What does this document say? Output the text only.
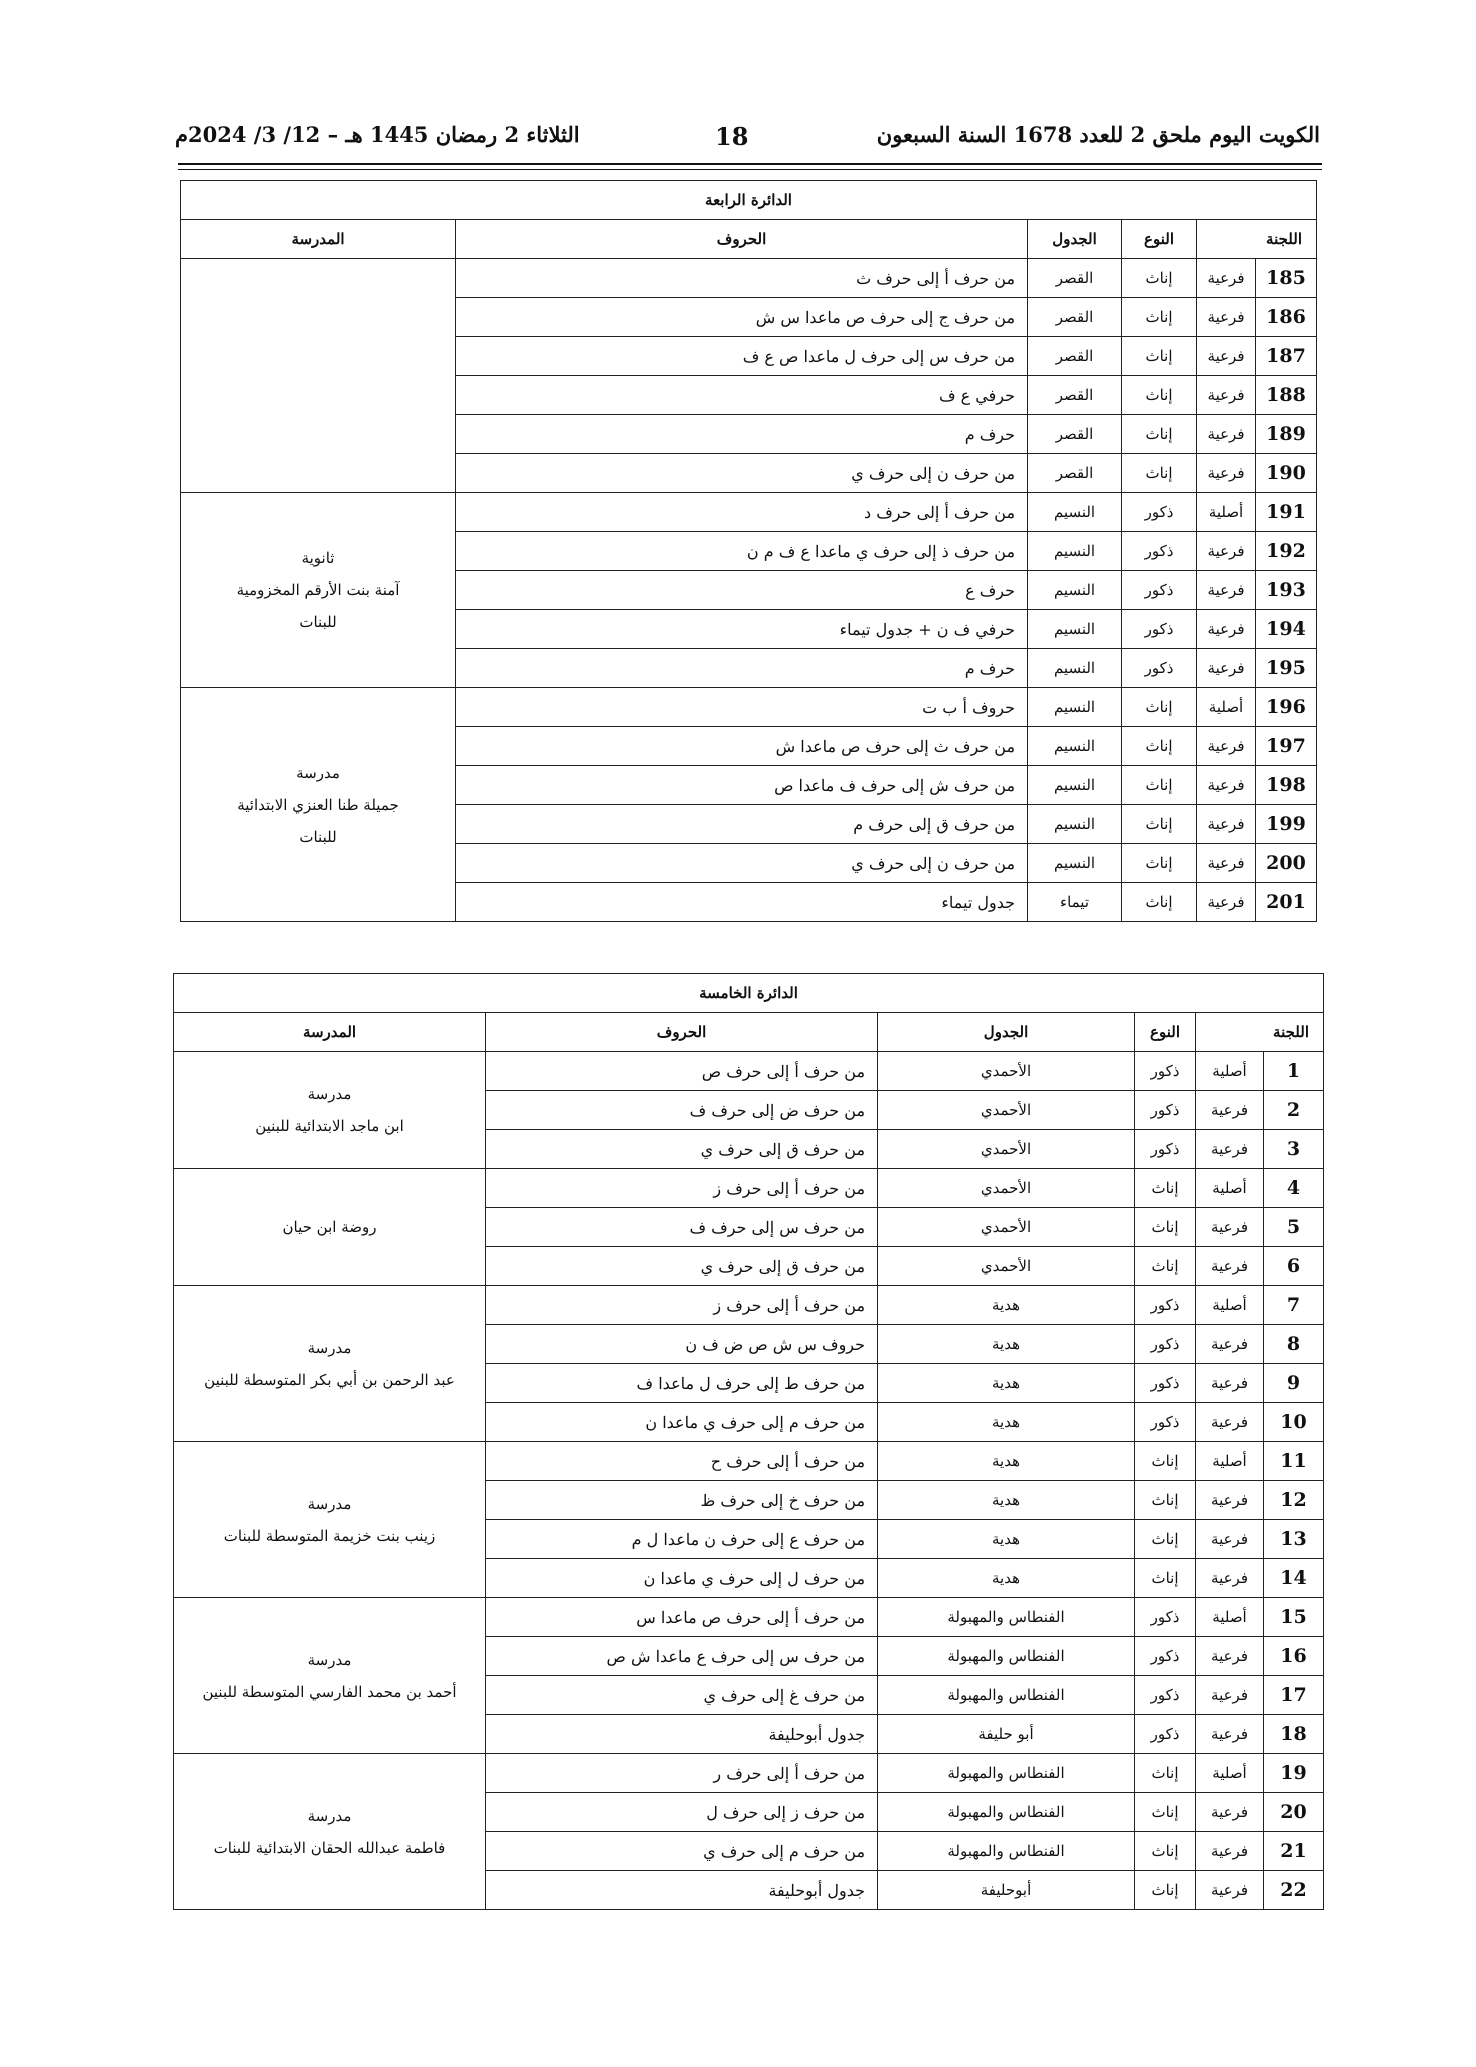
الكويت اليوم ملحق 2 للعدد 1678 السنة السبعون
18
الثلاثاء 2 رمضان 1445 هـ – 12/ 3/ 2024م
الدائرة الرابعة					
اللجنة		النوع	الجدول	الحروف	المدرسة
185	فرعية	إناث	القصر	من حرف أ إلى حرف ث	
186	فرعية	إناث	القصر	من حرف ج إلى حرف ص ماعدا س ش	
187	فرعية	إناث	القصر	من حرف س إلى حرف ل ماعدا ص ع ف	
188	فرعية	إناث	القصر	حرفي ع ف	
189	فرعية	إناث	القصر	حرف م	
190	فرعية	إناث	القصر	من حرف ن إلى حرف ي	
191	أصلية	ذكور	النسيم	من حرف أ إلى حرف د	ثانوية
آمنة بنت الأرقم المخزومية
للبنات

192	فرعية	ذكور	النسيم	من حرف ذ إلى حرف ي ماعدا ع ف م ن	
193	فرعية	ذكور	النسيم	حرف ع	
194	فرعية	ذكور	النسيم	حرفي ف ن + جدول تيماء	
195	فرعية	ذكور	النسيم	حرف م	
196	أصلية	إناث	النسيم	حروف أ ب ت	مدرسة
جميلة طنا العنزي الابتدائية
للبنات

197	فرعية	إناث	النسيم	من حرف ث إلى حرف ص ماعدا ش	
198	فرعية	إناث	النسيم	من حرف ش إلى حرف ف ماعدا ص	
199	فرعية	إناث	النسيم	من حرف ق إلى حرف م	
200	فرعية	إناث	النسيم	من حرف ن إلى حرف ي	
201	فرعية	إناث	تيماء	جدول تيماء	
الدائرة الخامسة					
اللجنة		النوع	الجدول	الحروف	المدرسة
1	أصلية	ذكور	الأحمدي	من حرف أ إلى حرف ص	مدرسة
ابن ماجد الابتدائية للبنين

2	فرعية	ذكور	الأحمدي	من حرف ض إلى حرف ف	
3	فرعية	ذكور	الأحمدي	من حرف ق إلى حرف ي	
4	أصلية	إناث	الأحمدي	من حرف أ إلى حرف ز	روضة ابن حيان

5	فرعية	إناث	الأحمدي	من حرف س إلى حرف ف	
6	فرعية	إناث	الأحمدي	من حرف ق إلى حرف ي	
7	أصلية	ذكور	هدية	من حرف أ إلى حرف ز	مدرسة
عبد الرحمن بن أبي بكر المتوسطة للبنين

8	فرعية	ذكور	هدية	حروف س ش ص ض ف ن	
9	فرعية	ذكور	هدية	من حرف ط إلى حرف ل ماعدا ف	
10	فرعية	ذكور	هدية	من حرف م إلى حرف ي ماعدا ن	
11	أصلية	إناث	هدية	من حرف أ إلى حرف ح	مدرسة
زينب بنت خزيمة المتوسطة للبنات

12	فرعية	إناث	هدية	من حرف خ إلى حرف ظ	
13	فرعية	إناث	هدية	من حرف ع إلى حرف ن ماعدا ل م	
14	فرعية	إناث	هدية	من حرف ل إلى حرف ي ماعدا ن	
15	أصلية	ذكور	الفنطاس والمهبولة	من حرف أ إلى حرف ص ماعدا س	مدرسة
أحمد بن محمد الفارسي المتوسطة للبنين

16	فرعية	ذكور	الفنطاس والمهبولة	من حرف س إلى حرف ع ماعدا ش ص	
17	فرعية	ذكور	الفنطاس والمهبولة	من حرف غ إلى حرف ي	
18	فرعية	ذكور	أبو حليفة	جدول أبوحليفة	
19	أصلية	إناث	الفنطاس والمهبولة	من حرف أ إلى حرف ر	مدرسة
فاطمة عبدالله الحقان الابتدائية للبنات

20	فرعية	إناث	الفنطاس والمهبولة	من حرف ز إلى حرف ل	
21	فرعية	إناث	الفنطاس والمهبولة	من حرف م إلى حرف ي	
22	فرعية	إناث	أبوحليفة	جدول أبوحليفة	
